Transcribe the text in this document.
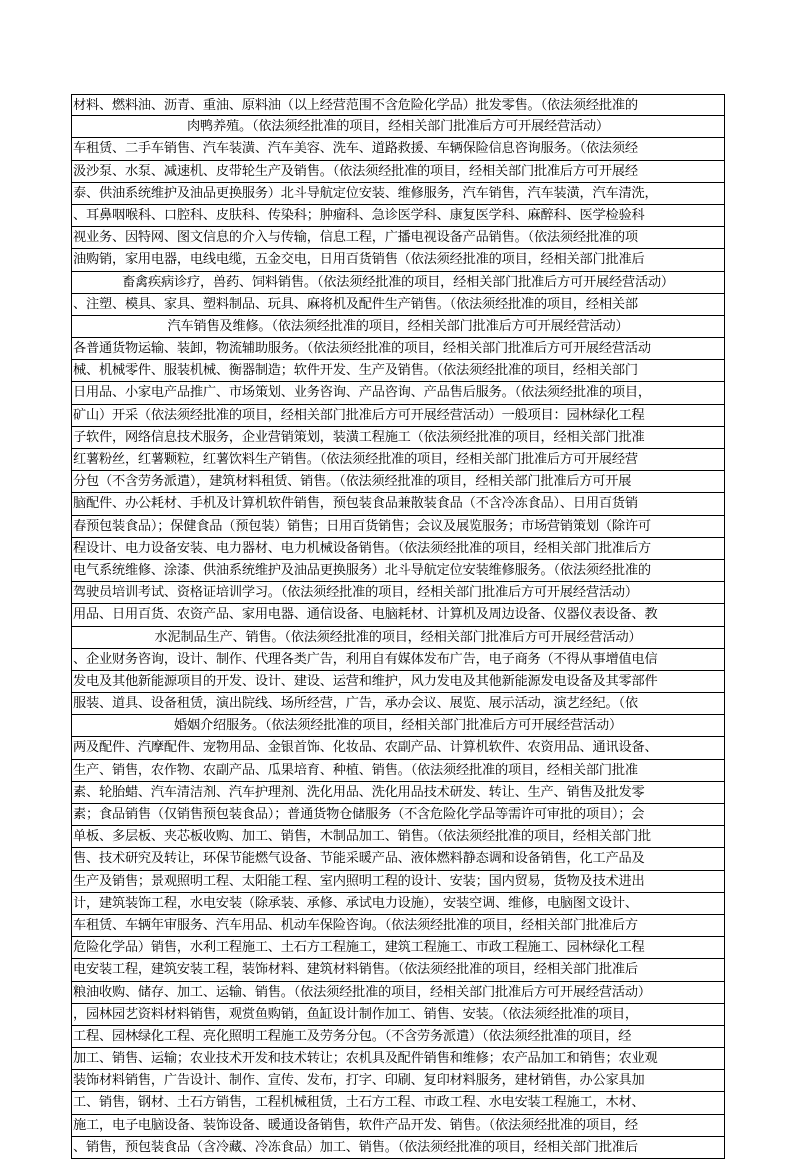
材料、燃料油、沥青、重油、原料油（以上经营范围不含危险化学品）批发零售。（依法须经批准的
肉鸭养殖。（依法须经批准的项目，经相关部门批准后方可开展经营活动）
车租赁、二手车销售、汽车装潢、汽车美容、洗车、道路救援、车辆保险信息咨询服务。（依法须经
汲沙泵、水泵、减速机、皮带轮生产及销售。（依法须经批准的项目，经相关部门批准后方可开展经
泰、供油系统维护及油品更换服务）北斗导航定位安装、维修服务，汽车销售，汽车装潢，汽车清洗，
、耳鼻咽喉科、口腔科、皮肤科、传染科；肿瘤科、急诊医学科、康复医学科、麻醉科、医学检验科
视业务、因特网、图文信息的介入与传输，信息工程，广播电视设备产品销售。（依法须经批准的项
油购销，家用电器，电线电缆，五金交电，日用百货销售（依法须经批准的项目，经相关部门批准后
畜禽疾病诊疗，兽药、饲料销售。（依法须经批准的项目，经相关部门批准后方可开展经营活动）
、注塑、模具、家具、塑料制品、玩具、麻将机及配件生产销售。（依法须经批准的项目，经相关部
汽车销售及维修。（依法须经批准的项目，经相关部门批准后方可开展经营活动）
各普通货物运输、装卸，物流辅助服务。（依法须经批准的项目，经相关部门批准后方可开展经营活动
械、机械零件、服装机械、衡器制造；软件开发、生产及销售。（依法须经批准的项目，经相关部门
日用品、小家电产品推广、市场策划、业务咨询、产品咨询、产品售后服务。（依法须经批准的项目，
矿山）开采（依法须经批准的项目，经相关部门批准后方可开展经营活动）一般项目：园林绿化工程
子软件，网络信息技术服务，企业营销策划，装潢工程施工（依法须经批准的项目，经相关部门批准
红薯粉丝，红薯颗粒，红薯饮料生产销售。（依法须经批准的项目，经相关部门批准后方可开展经营
分包（不含劳务派遣），建筑材料租赁、销售。（依法须经批准的项目，经相关部门批准后方可开展
脑配件、办公耗材、手机及计算机软件销售，预包装食品兼散装食品（不含冷冻食品）、日用百货销
春预包装食品）；保健食品（预包装）销售；日用百货销售；会议及展览服务；市场营销策划（除许可
程设计、电力设备安装、电力器材、电力机械设备销售。（依法须经批准的项目，经相关部门批准后方
电气系统维修、涂漆、供油系统维护及油品更换服务）北斗导航定位安装维修服务。（依法须经批准的
驾驶员培训考试、资格证培训学习。（依法须经批准的项目，经相关部门批准后方可开展经营活动）
用品、日用百货、农资产品、家用电器、通信设备、电脑耗材、计算机及周边设备、仪器仪表设备、教
水泥制品生产、销售。（依法须经批准的项目，经相关部门批准后方可开展经营活动）
、企业财务咨询，设计、制作、代理各类广告，利用自有媒体发布广告，电子商务（不得从事增值电信
发电及其他新能源项目的开发、设计、建设、运营和维护，风力发电及其他新能源发电设备及其零部件
服装、道具、设备租赁，演出院线、场所经营，广告，承办会议、展览、展示活动，演艺经纪。（依
婚姻介绍服务。（依法须经批准的项目，经相关部门批准后方可开展经营活动）
两及配件、汽摩配件、宠物用品、金银首饰、化妆品、农副产品、计算机软件、农资用品、通讯设备、
生产、销售，农作物、农副产品、瓜果培育、种植、销售。（依法须经批准的项目，经相关部门批准
素、轮胎蜡、汽车清洁剂、汽车护理剂、洗化用品、洗化用品技术研发、转让、生产、销售及批发零
素；食品销售（仅销售预包装食品）；普通货物仓储服务（不含危险化学品等需许可审批的项目）；会
单板、多层板、夹芯板收购、加工、销售，木制品加工、销售。（依法须经批准的项目，经相关部门批
售、技术研究及转让，环保节能燃气设备、节能采暖产品、液体燃料静态调和设备销售，化工产品及
生产及销售；景观照明工程、太阳能工程、室内照明工程的设计、安装；国内贸易，货物及技术进出
计，建筑装饰工程，水电安装（除承装、承修、承试电力设施），安装空调、维修，电脑图文设计、
车租赁、车辆年审服务、汽车用品、机动车保险咨询。（依法须经批准的项目，经相关部门批准后方
危险化学品）销售，水利工程施工、土石方工程施工，建筑工程施工、市政工程施工、园林绿化工程
电安装工程，建筑安装工程，装饰材料、建筑材料销售。（依法须经批准的项目，经相关部门批准后
粮油收购、储存、加工、运输、销售。（依法须经批准的项目，经相关部门批准后方可开展经营活动）
，园林园艺资料材料销售，观赏鱼购销，鱼缸设计制作加工、销售、安装。（依法须经批准的项目，
工程、园林绿化工程、亮化照明工程施工及劳务分包。（不含劳务派遣）（依法须经批准的项目，经
加工、销售、运输；农业技术开发和技术转让；农机具及配件销售和维修；农产品加工和销售；农业观
装饰材料销售，广告设计、制作、宣传、发布，打字、印刷、复印材料服务，建材销售，办公家具加
工、销售，钢材、土石方销售，工程机械租赁，土石方工程、市政工程、水电安装工程施工，木材、
施工，电子电脑设备、装饰设备、暖通设备销售，软件产品开发、销售。（依法须经批准的项目，经
、销售，预包装食品（含冷藏、冷冻食品）加工、销售。（依法须经批准的项目，经相关部门批准后
